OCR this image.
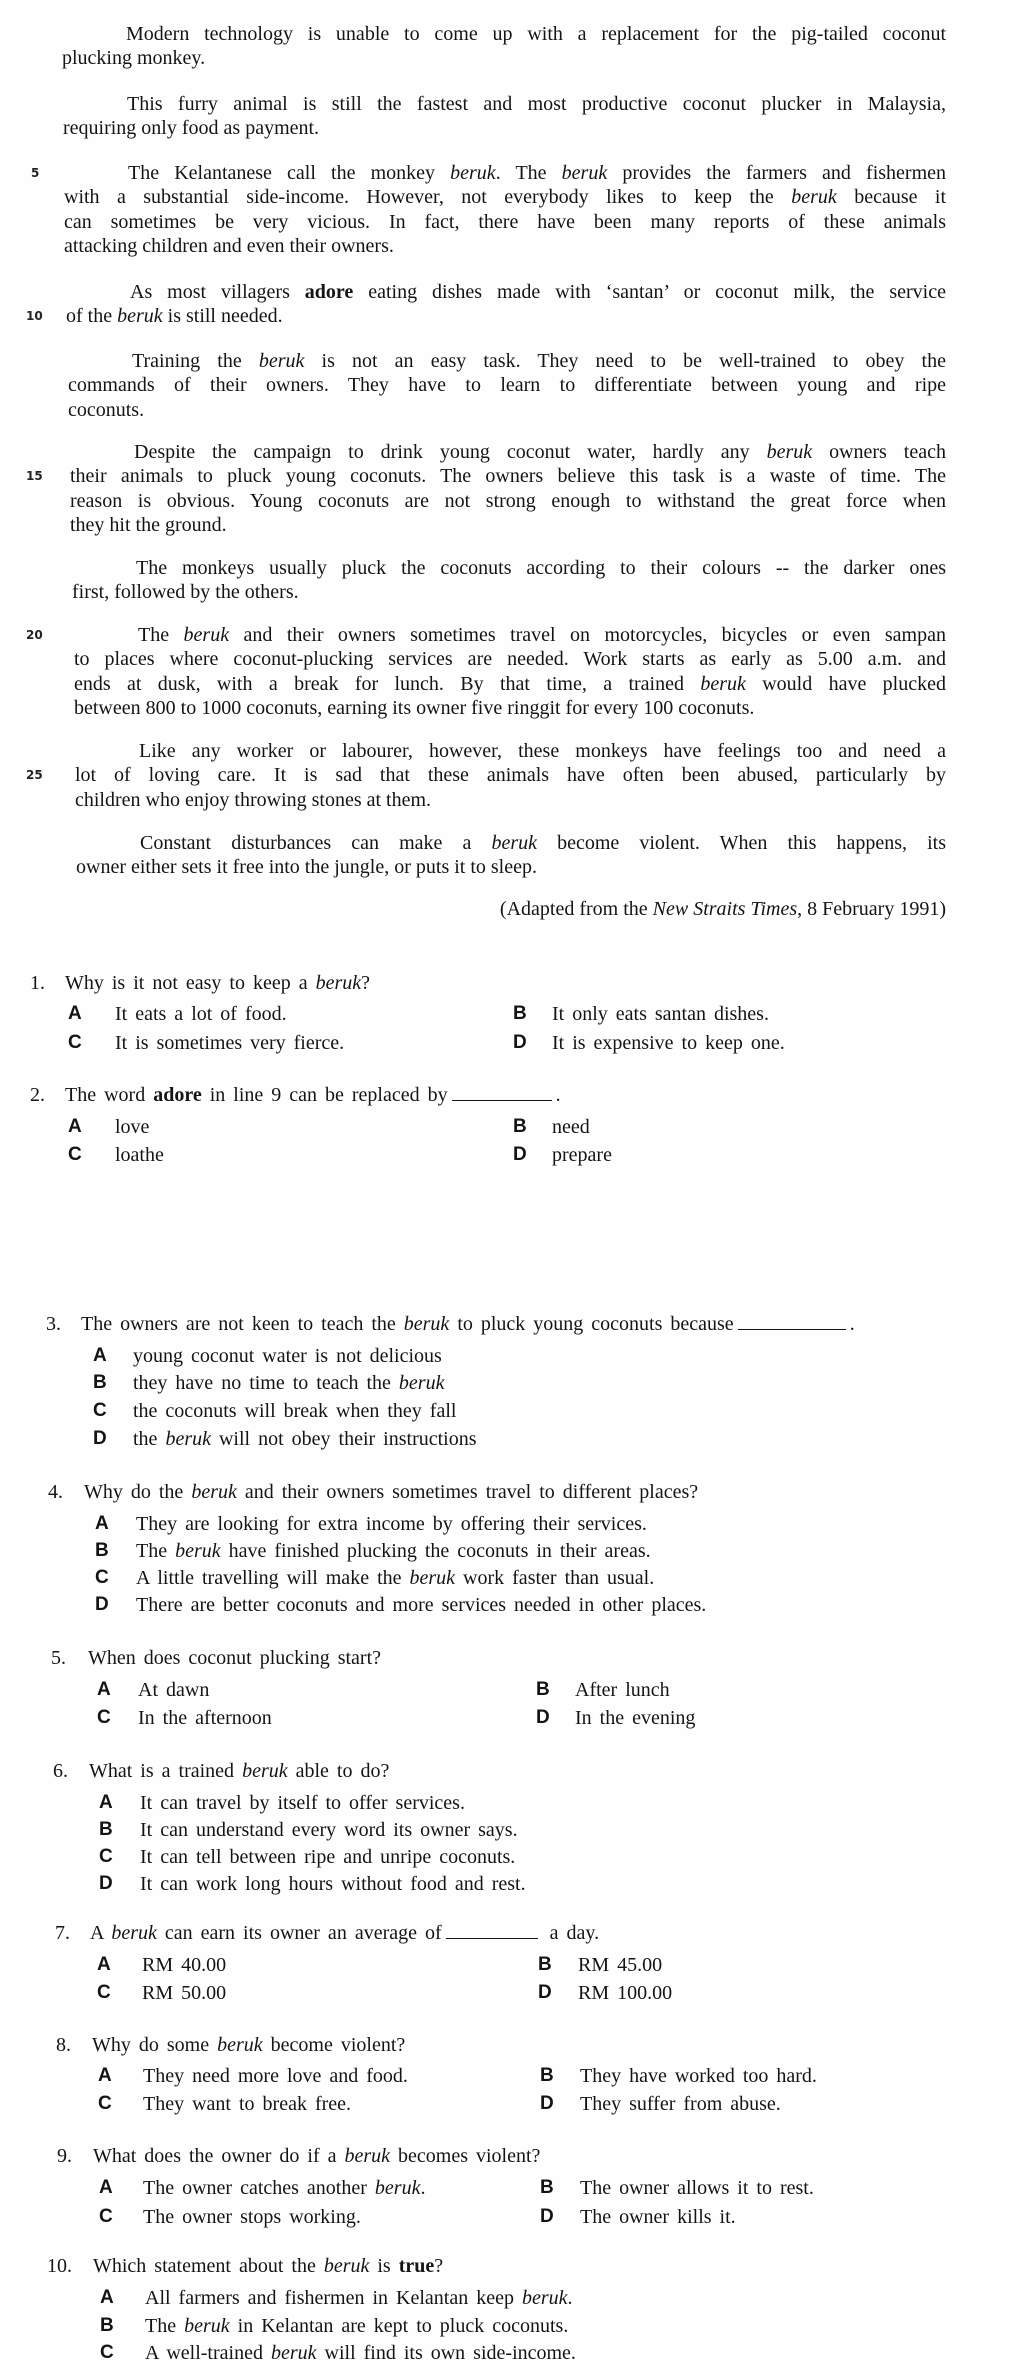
Modern technology is unable to come up with a replacement for the pig-tailed coconut
plucking monkey.
This furry animal is still the fastest and most productive coconut plucker in Malaysia,
requiring only food as payment.
The Kelantanese call the monkey beruk. The beruk provides the farmers and fishermen
with a substantial side-income. However, not everybody likes to keep the beruk because it
can sometimes be very vicious. In fact, there have been many reports of these animals
attacking children and even their owners.
As most villagers adore eating dishes made with ‘santan’ or coconut milk, the service
of the beruk is still needed.
Training the beruk is not an easy task. They need to be well-trained to obey the
commands of their owners. They have to learn to differentiate between young and ripe
coconuts.
Despite the campaign to drink young coconut water, hardly any beruk owners teach
their animals to pluck young coconuts. The owners believe this task is a waste of time. The
reason is obvious. Young coconuts are not strong enough to withstand the great force when
they hit the ground.
The monkeys usually pluck the coconuts according to their colours -- the darker ones
first, followed by the others.
The beruk and their owners sometimes travel on motorcycles, bicycles or even sampan
to places where coconut-plucking services are needed. Work starts as early as 5.00 a.m. and
ends at dusk, with a break for lunch. By that time, a trained beruk would have plucked
between 800 to 1000 coconuts, earning its owner five ringgit for every 100 coconuts.
Like any worker or labourer, however, these monkeys have feelings too and need a
lot of loving care. It is sad that these animals have often been abused, particularly by
children who enjoy throwing stones at them.
Constant disturbances can make a beruk become violent. When this happens, its
owner either sets it free into the jungle, or puts it to sleep.
5
10
15
20
25
(Adapted from the New Straits Times, 8 February 1991)
1. Why is it not easy to keep a beruk?
A It eats a lot of food.	B It only eats santan dishes.
C It is sometimes very fierce.	D It is expensive to keep one.
2. The word adore in line 9 can be replaced by	.
A love	B need
C loathe	D prepare
3. The owners are not keen to teach the beruk to pluck young coconuts because	.
A young coconut water is not delicious
B they have no time to teach the beruk
C the coconuts will break when they fall
D the beruk will not obey their instructions
4. Why do the beruk and their owners sometimes travel to different places?
A They are looking for extra income by offering their services.
B The beruk have finished plucking the coconuts in their areas.
C A little travelling will make the beruk work faster than usual.
D There are better coconuts and more services needed in other places.
5. When does coconut plucking start?
A At dawn	B After lunch
C In the afternoon	D In the evening
6. What is a trained beruk able to do?
A It can travel by itself to offer services.
B It can understand every word its owner says.
C It can tell between ripe and unripe coconuts.
D It can work long hours without food and rest.
7. A beruk can earn its owner an average of	a day.
A RM 40.00	B RM 45.00
C RM 50.00	D RM 100.00
8. Why do some beruk become violent?
A They need more love and food.	B They have worked too hard.
C They want to break free.	D They suffer from abuse.
9. What does the owner do if a beruk becomes violent?
A The owner catches another beruk.	B The owner allows it to rest.
C The owner stops working.	D The owner kills it.
10. Which statement about the beruk is true?
A All farmers and fishermen in Kelantan keep beruk.
B The beruk in Kelantan are kept to pluck coconuts.
C A well-trained beruk will find its own side-income.
